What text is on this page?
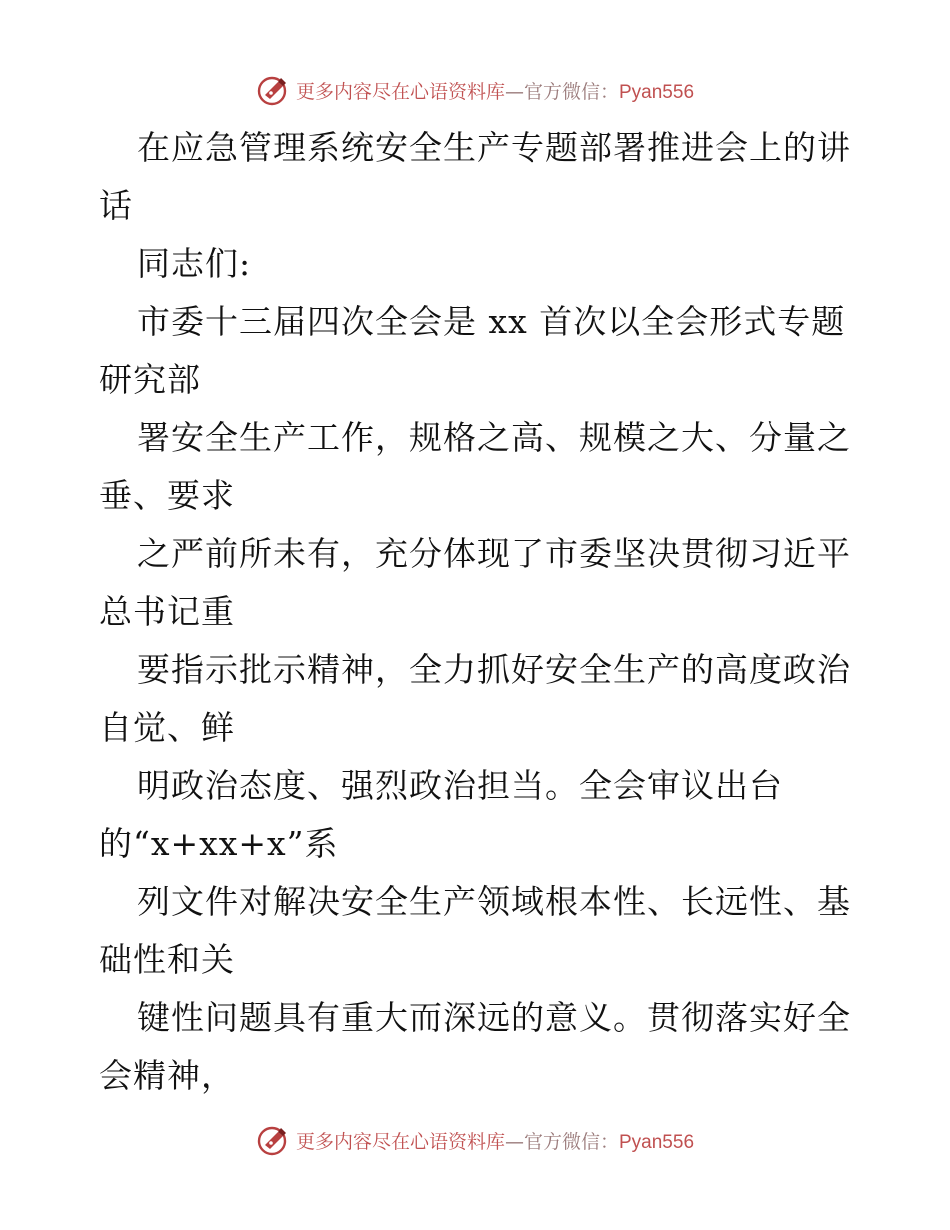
更多内容尽在心语资料库—官方微信：Pyan556
在应急管理系统安全生产专题部署推进会上的讲
话
同志们:
市委十三届四次全会是 xx 首次以全会形式专题
研究部
署安全生产工作，规格之高、规模之大、分量之
垂、要求
之严前所未有，充分体现了市委坚决贯彻习近平
总书记重
要指示批示精神，全力抓好安全生产的高度政治
自觉、鲜
明政治态度、强烈政治担当。全会审议出台
的“x+xx+x”系
列文件对解决安全生产领域根本性、长远性、基
础性和关
键性问题具有重大而深远的意义。贯彻落实好全
会精神，
更多内容尽在心语资料库—官方微信：Pyan556
